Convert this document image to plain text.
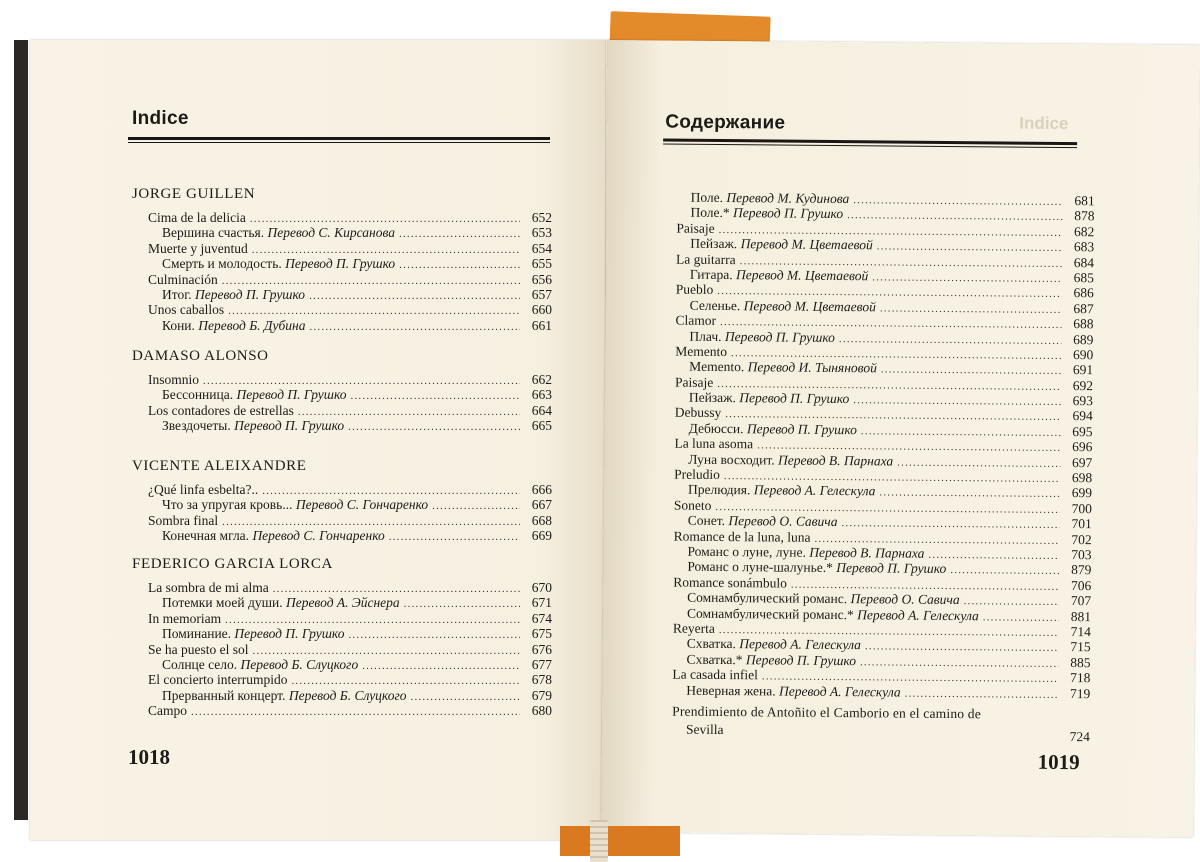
Indice
JORGE GUILLEN
Cima de la delicia .....	652
Вершина счастья. Перевод С. Кирсанова .....	653
Muerte y juventud .....	654
Смерть и молодость. Перевод П. Грушко .....	655
Culminación .....	656
Итог. Перевод П. Грушко .....	657
Unos caballos .....	660
Кони. Перевод Б. Дубина .....	661
DAMASO ALONSO
Insomnio .....	662
Бессонница. Перевод П. Грушко .....	663
Los contadores de estrellas .....	664
Звездочеты. Перевод П. Грушко .....	665
VICENTE ALEIXANDRE
¿Qué linfa esbelta?.. .....	666
Что за упругая кровь... Перевод С. Гончаренко .....	667
Sombra final .....	668
Конечная мгла. Перевод С. Гончаренко .....	669
FEDERICO GARCIA LORCA
La sombra de mi alma .....	670
Потемки моей души. Перевод А. Эйснера .....	671
In memoriam .....	674
Поминание. Перевод П. Грушко .....	675
Se ha puesto el sol .....	676
Солнце село. Перевод Б. Слуцкого .....	677
El concierto interrumpido .....	678
Прерванный концерт. Перевод Б. Слуцкого .....	679
Campo .....	680
1018
Indice
Содержание
Поле. Перевод М. Кудинова .....	681
Поле.* Перевод П. Грушко .....	878
Paisaje .....	682
Пейзаж. Перевод М. Цветаевой .....	683
La guitarra .....	684
Гитара. Перевод М. Цветаевой .....	685
Pueblo .....	686
Селенье. Перевод М. Цветаевой .....	687
Clamor .....	688
Плач. Перевод П. Грушко .....	689
Memento .....	690
Memento. Перевод И. Тыняновой .....	691
Paisaje .....	692
Пейзаж. Перевод П. Грушко .....	693
Debussy .....	694
Дебюсси. Перевод П. Грушко .....	695
La luna asoma .....	696
Луна восходит. Перевод В. Парнаха .....	697
Preludio .....	698
Прелюдия. Перевод А. Гелескула .....	699
Soneto .....	700
Сонет. Перевод О. Савича .....	701
Romance de la luna, luna .....	702
Романс о луне, луне. Перевод В. Парнаха .....	703
Романс о луне-шалунье.* Перевод П. Грушко .....	879
Romance sonámbulo .....	706
Сомнамбулический романс. Перевод О. Савича .....	707
Сомнамбулический романс.* Перевод А. Гелескула .....	881
Reyerta .....	714
Схватка. Перевод А. Гелескула .....	715
Схватка.* Перевод П. Грушко .....	885
La casada infiel .....	718
Неверная жена. Перевод А. Гелескула .....	719
Prendimiento de Antoñito el Camborio en el camino de
Sevilla	724
1019
